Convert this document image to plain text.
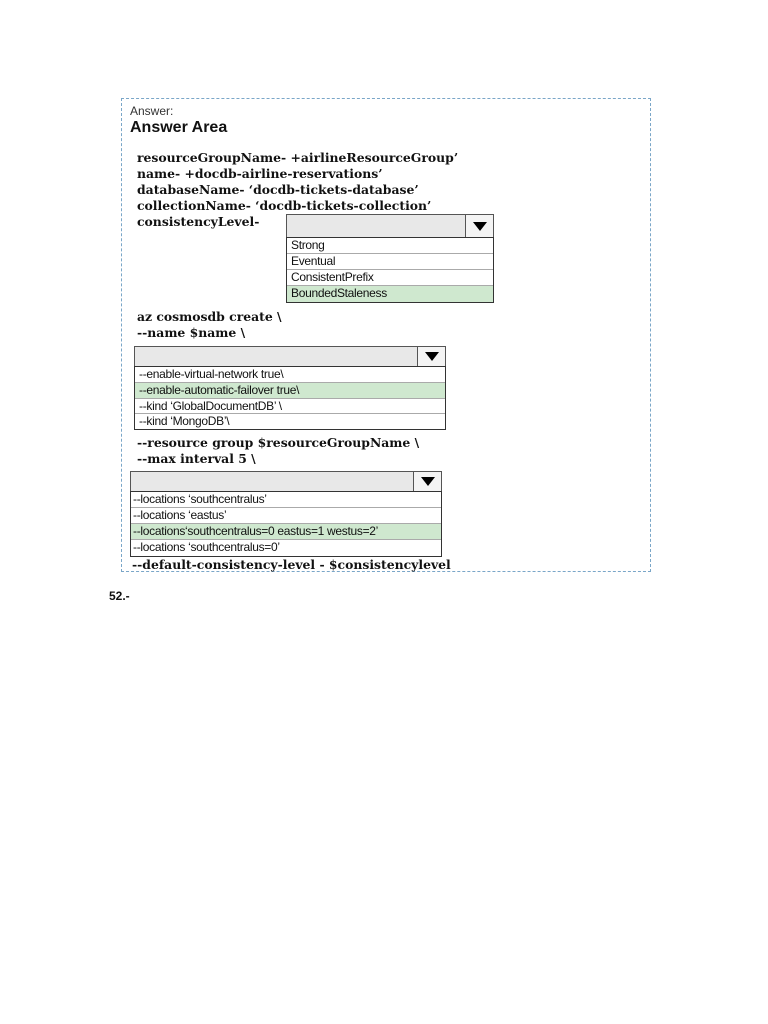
Answer:
Answer Area
resourceGroupName- +airlineResourceGroup’
name- +docdb-airline-reservations’
databaseName- ‘docdb-tickets-database’
collectionName- ‘docdb-tickets-collection’
consistencyLevel-
Strong
Eventual
ConsistentPrefix
BoundedStaleness
az cosmosdb create \
--name $name \
--enable-virtual-network true\
--enable-automatic-failover true\
--kind ‘GlobalDocumentDB’ \
--kind ‘MongoDB’\
--resource group $resourceGroupName \
--max interval 5 \
--locations ‘southcentralus’
--locations ‘eastus’
--locations‘southcentralus=0 eastus=1 westus=2’
--locations ‘southcentralus=0’
--default-consistency-level - $consistencylevel
52.-
